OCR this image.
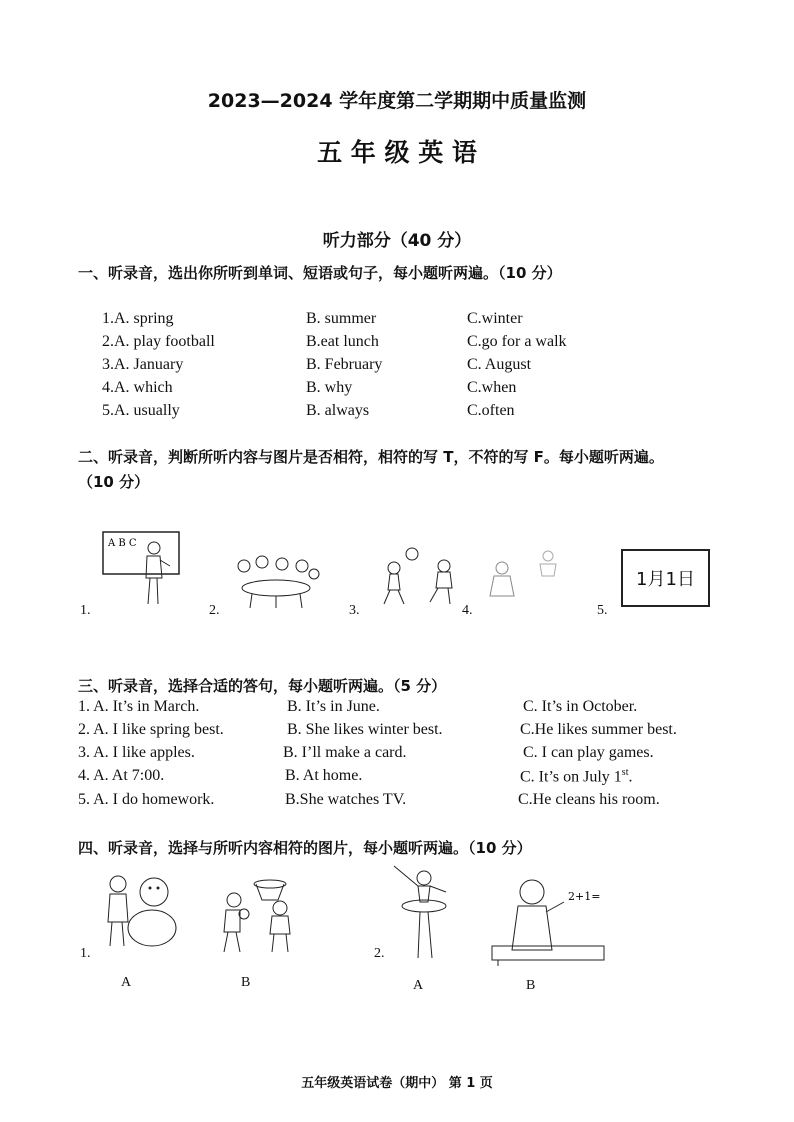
2023—2024 学年度第二学期期中质量监测
五 年 级 英 语
听力部分（40 分）
一、听录音，选出你所听到单词、短语或句子，每小题听两遍。（10 分）
1.A. spring	B. summer	C.winter
2.A. play football	B.eat lunch	C.go for a walk
3.A. January	B. February	C. August
4.A. which	B. why	C.when
5.A. usually	B. always	C.often
二、听录音，判断所听内容与图片是否相符，相符的写 T，不符的写 F。每小题听两遍。
（10 分）
A B C
1.	2.	3.	4.	5.
1月1日
三、听录音，选择合适的答句，每小题听两遍。（5 分）
1. A. It’s in March.	B. It’s in June.	C. It’s in October.
2. A. I like spring best.	B. She likes winter best.	C.He likes summer best.
3. A. I like apples.	B. I’ll make a card.	C. I can play games.
4. A. At 7:00.	B. At home.	C. It’s on July 1st.
5. A. I do homework.	B.She watches TV.	C.He cleans his room.
四、听录音，选择与所听内容相符的图片，每小题听两遍。（10 分）
1.
A	B
2.
A
2+1=
B
五年级英语试卷（期中） 第 1 页
